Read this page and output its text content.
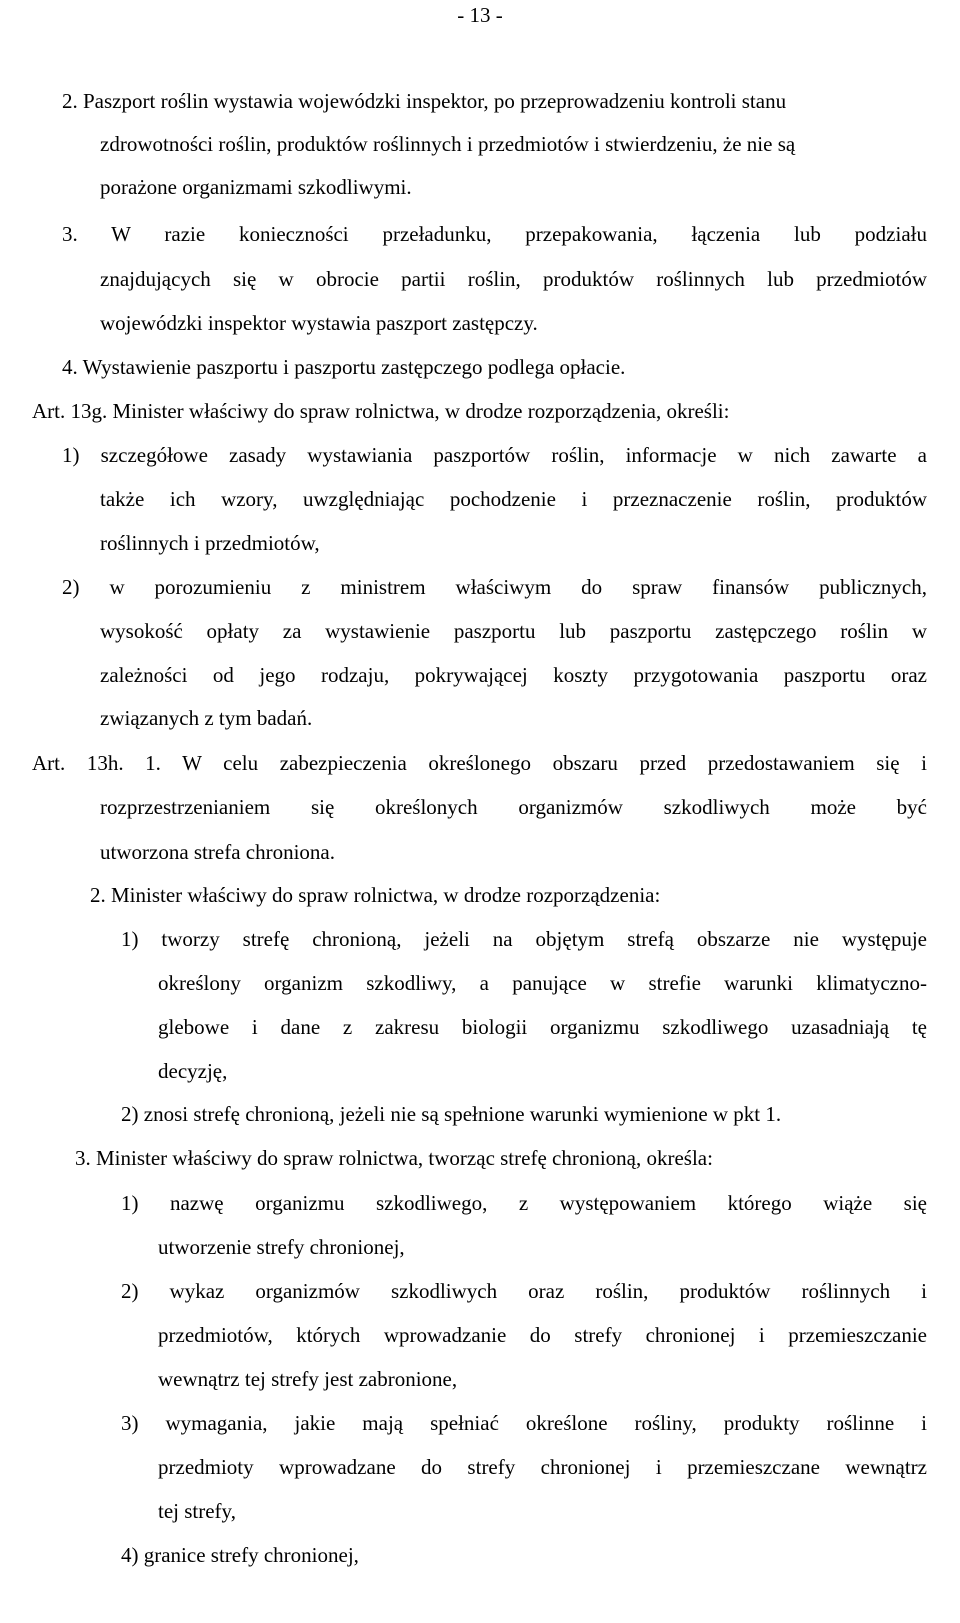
- 13 -
2. Paszport roślin wystawia wojewódzki inspektor, po przeprowadzeniu kontroli stanu
zdrowotności roślin, produktów roślinnych i przedmiotów i stwierdzeniu, że nie są
porażone organizmami szkodliwymi.
3. W razie konieczności przeładunku, przepakowania, łączenia lub podziału
znajdujących się w obrocie partii roślin, produktów roślinnych lub przedmiotów
wojewódzki inspektor wystawia paszport zastępczy.
4. Wystawienie paszportu i paszportu zastępczego podlega opłacie.
Art. 13g. Minister właściwy do spraw rolnictwa, w drodze rozporządzenia, określi:
1) szczegółowe zasady wystawiania paszportów roślin, informacje w nich zawarte a
także ich wzory, uwzględniając pochodzenie i przeznaczenie roślin, produktów
roślinnych i przedmiotów,
2) w porozumieniu z ministrem właściwym do spraw finansów publicznych,
wysokość opłaty za wystawienie paszportu lub paszportu zastępczego roślin w
zależności od jego rodzaju, pokrywającej koszty przygotowania paszportu oraz
związanych z tym badań.
Art. 13h. 1. W celu zabezpieczenia określonego obszaru przed przedostawaniem się i
rozprzestrzenianiem się określonych organizmów szkodliwych może być
utworzona strefa chroniona.
2. Minister właściwy do spraw rolnictwa, w drodze rozporządzenia:
1) tworzy strefę chronioną, jeżeli na objętym strefą obszarze nie występuje
określony organizm szkodliwy, a panujące w strefie warunki klimatyczno-
glebowe i dane z zakresu biologii organizmu szkodliwego uzasadniają tę
decyzję,
2) znosi strefę chronioną, jeżeli nie są spełnione warunki wymienione w pkt 1.
3. Minister właściwy do spraw rolnictwa, tworząc strefę chronioną, określa:
1) nazwę organizmu szkodliwego, z występowaniem którego wiąże się
utworzenie strefy chronionej,
2) wykaz organizmów szkodliwych oraz roślin, produktów roślinnych i
przedmiotów, których wprowadzanie do strefy chronionej i przemieszczanie
wewnątrz tej strefy jest zabronione,
3) wymagania, jakie mają spełniać określone rośliny, produkty roślinne i
przedmioty wprowadzane do strefy chronionej i przemieszczane wewnątrz
tej strefy,
4) granice strefy chronionej,
